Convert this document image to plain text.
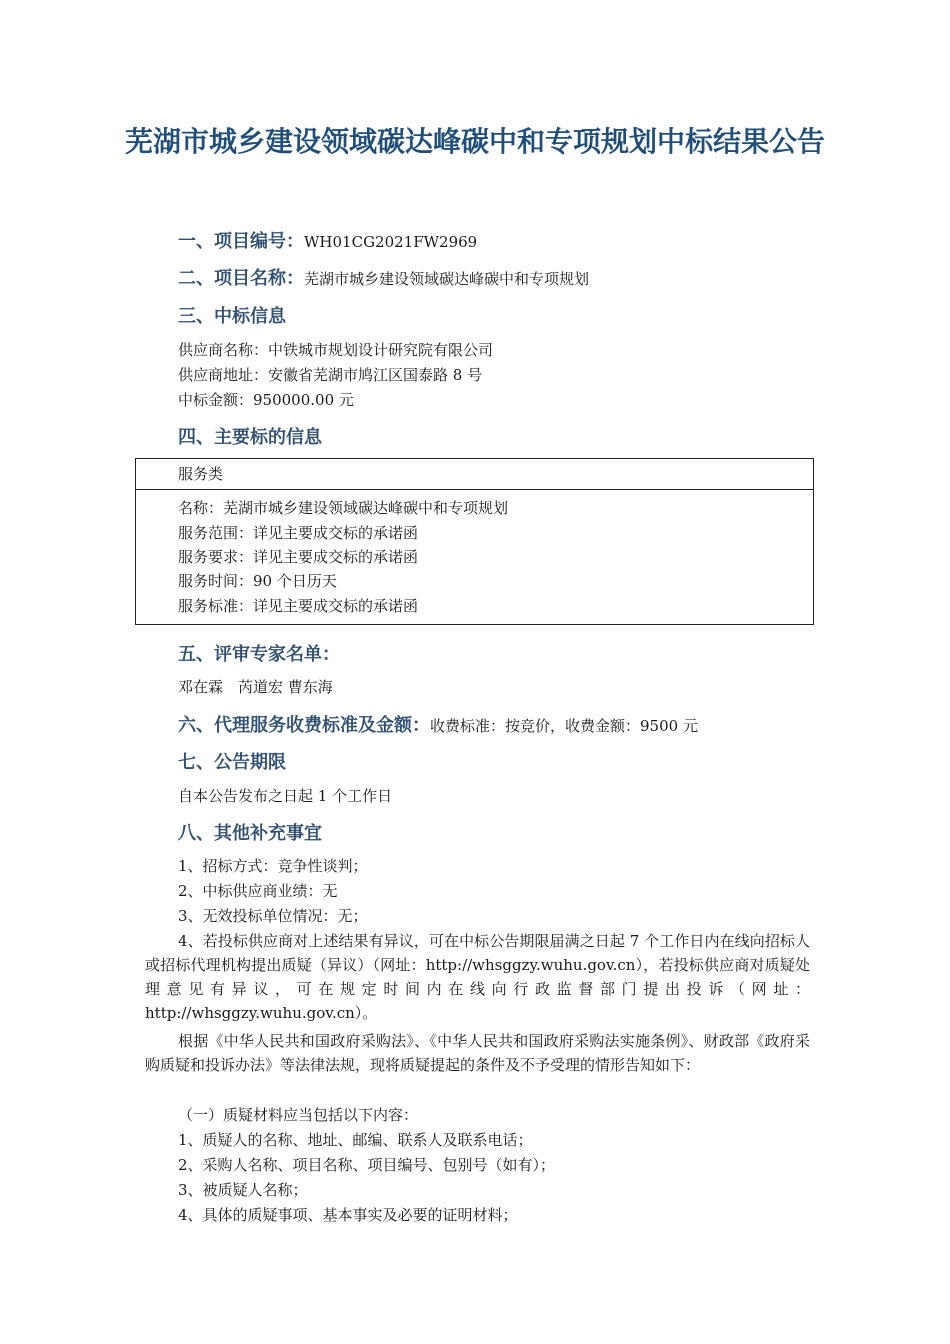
芜湖市城乡建设领域碳达峰碳中和专项规划中标结果公告
一、项目编号：WH01CG2021FW2969
二、项目名称：芜湖市城乡建设领域碳达峰碳中和专项规划
三、中标信息
供应商名称：中铁城市规划设计研究院有限公司
供应商地址：安徽省芜湖市鸠江区国泰路 8 号
中标金额：950000.00 元
四、主要标的信息
服务类
名称：芜湖市城乡建设领域碳达峰碳中和专项规划
服务范围：详见主要成交标的承诺函
服务要求：详见主要成交标的承诺函
服务时间：90 个日历天
服务标准：详见主要成交标的承诺函
五、评审专家名单：
邓在霖　芮道宏 曹东海
六、代理服务收费标准及金额：收费标准：按竞价，收费金额：9500 元
七、公告期限
自本公告发布之日起 1 个工作日
八、其他补充事宜
1、招标方式：竞争性谈判；
2、中标供应商业绩：无
3、无效投标单位情况：无；
4、若投标供应商对上述结果有异议，可在中标公告期限届满之日起 7 个工作日内在线向招标人或招标代理机构提出质疑（异议）（网址：http://whsggzy.wuhu.gov.cn），若投标供应商对质疑处理意见有异议，可在规定时间内在线向行政监督部门提出投诉（网址：http://whsggzy.wuhu.gov.cn）。
根据《中华人民共和国政府采购法》、《中华人民共和国政府采购法实施条例》、财政部《政府采购质疑和投诉办法》等法律法规，现将质疑提起的条件及不予受理的情形告知如下：
（一）质疑材料应当包括以下内容：
1、质疑人的名称、地址、邮编、联系人及联系电话；
2、采购人名称、项目名称、项目编号、包别号（如有）；
3、被质疑人名称；
4、具体的质疑事项、基本事实及必要的证明材料；
